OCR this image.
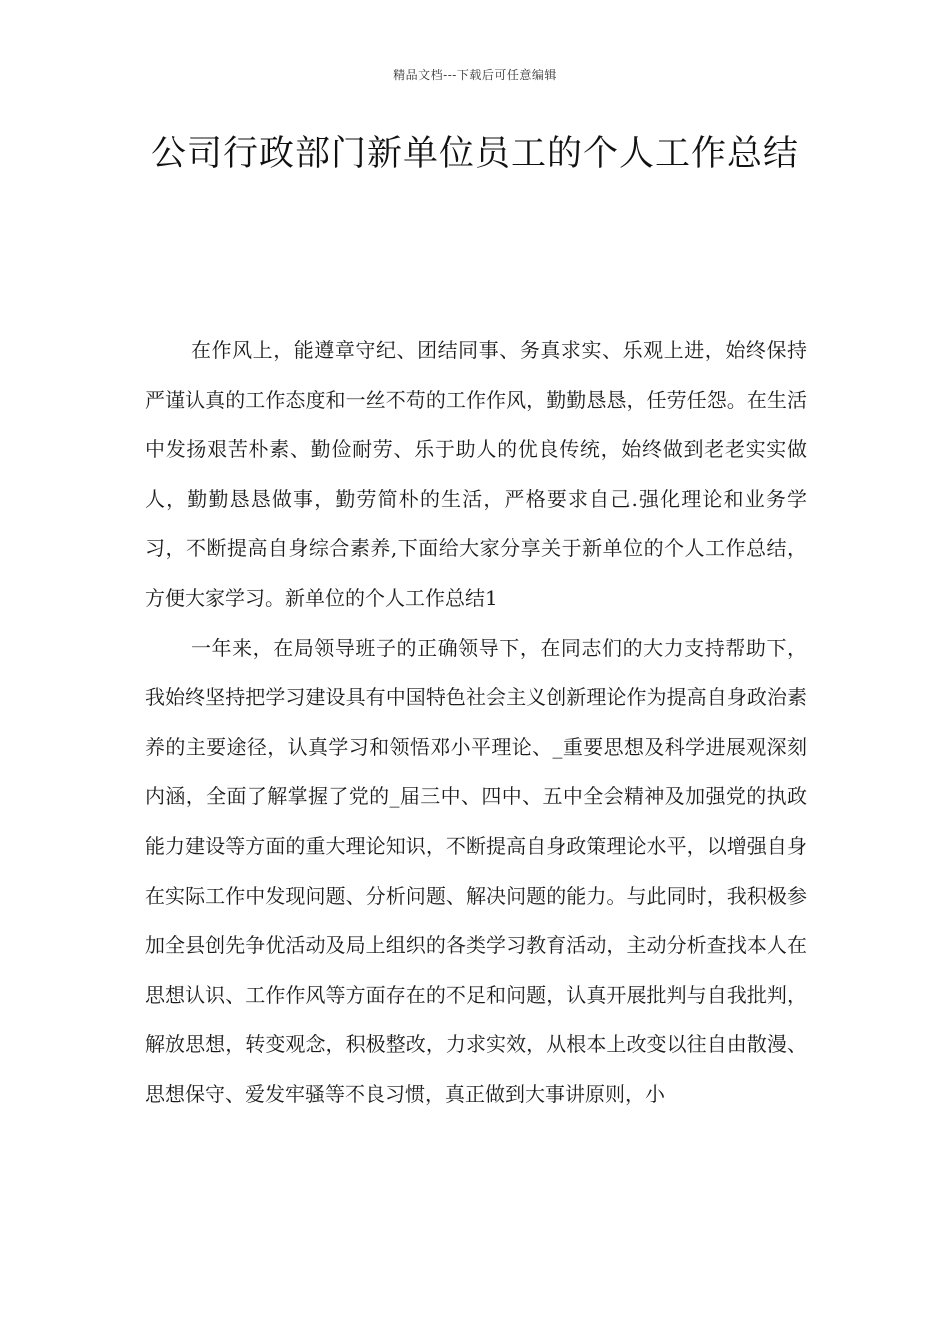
精品文档---下载后可任意编辑
公司行政部门新单位员工的个人工作总结

在作风上，能遵章守纪、团结同事、务真求实、乐观上进，始终保持严谨认真的工作态度和一丝不苟的工作作风，勤勤恳恳，任劳任怨。在生活中发扬艰苦朴素、勤俭耐劳、乐于助人的优良传统，始终做到老老实实做人，勤勤恳恳做事，勤劳简朴的生活，严格要求自己.强化理论和业务学习，不断提高自身综合素养,下面给大家分享关于新单位的个人工作总结，方便大家学习。新单位的个人工作总结1

一年来，在局领导班子的正确领导下，在同志们的大力支持帮助下，我始终坚持把学习建设具有中国特色社会主义创新理论作为提高自身政治素养的主要途径，认真学习和领悟邓小平理论、_重要思想及科学进展观深刻内涵，全面了解掌握了党的_届三中、四中、五中全会精神及加强党的执政能力建设等方面的重大理论知识，不断提高自身政策理论水平，以增强自身在实际工作中发现问题、分析问题、解决问题的能力。与此同时，我积极参加全县创先争优活动及局上组织的各类学习教育活动，主动分析查找本人在思想认识、工作作风等方面存在的不足和问题，认真开展批判与自我批判，解放思想，转变观念，积极整改，力求实效，从根本上改变以往自由散漫、思想保守、爱发牢骚等不良习惯，真正做到大事讲原则，小
